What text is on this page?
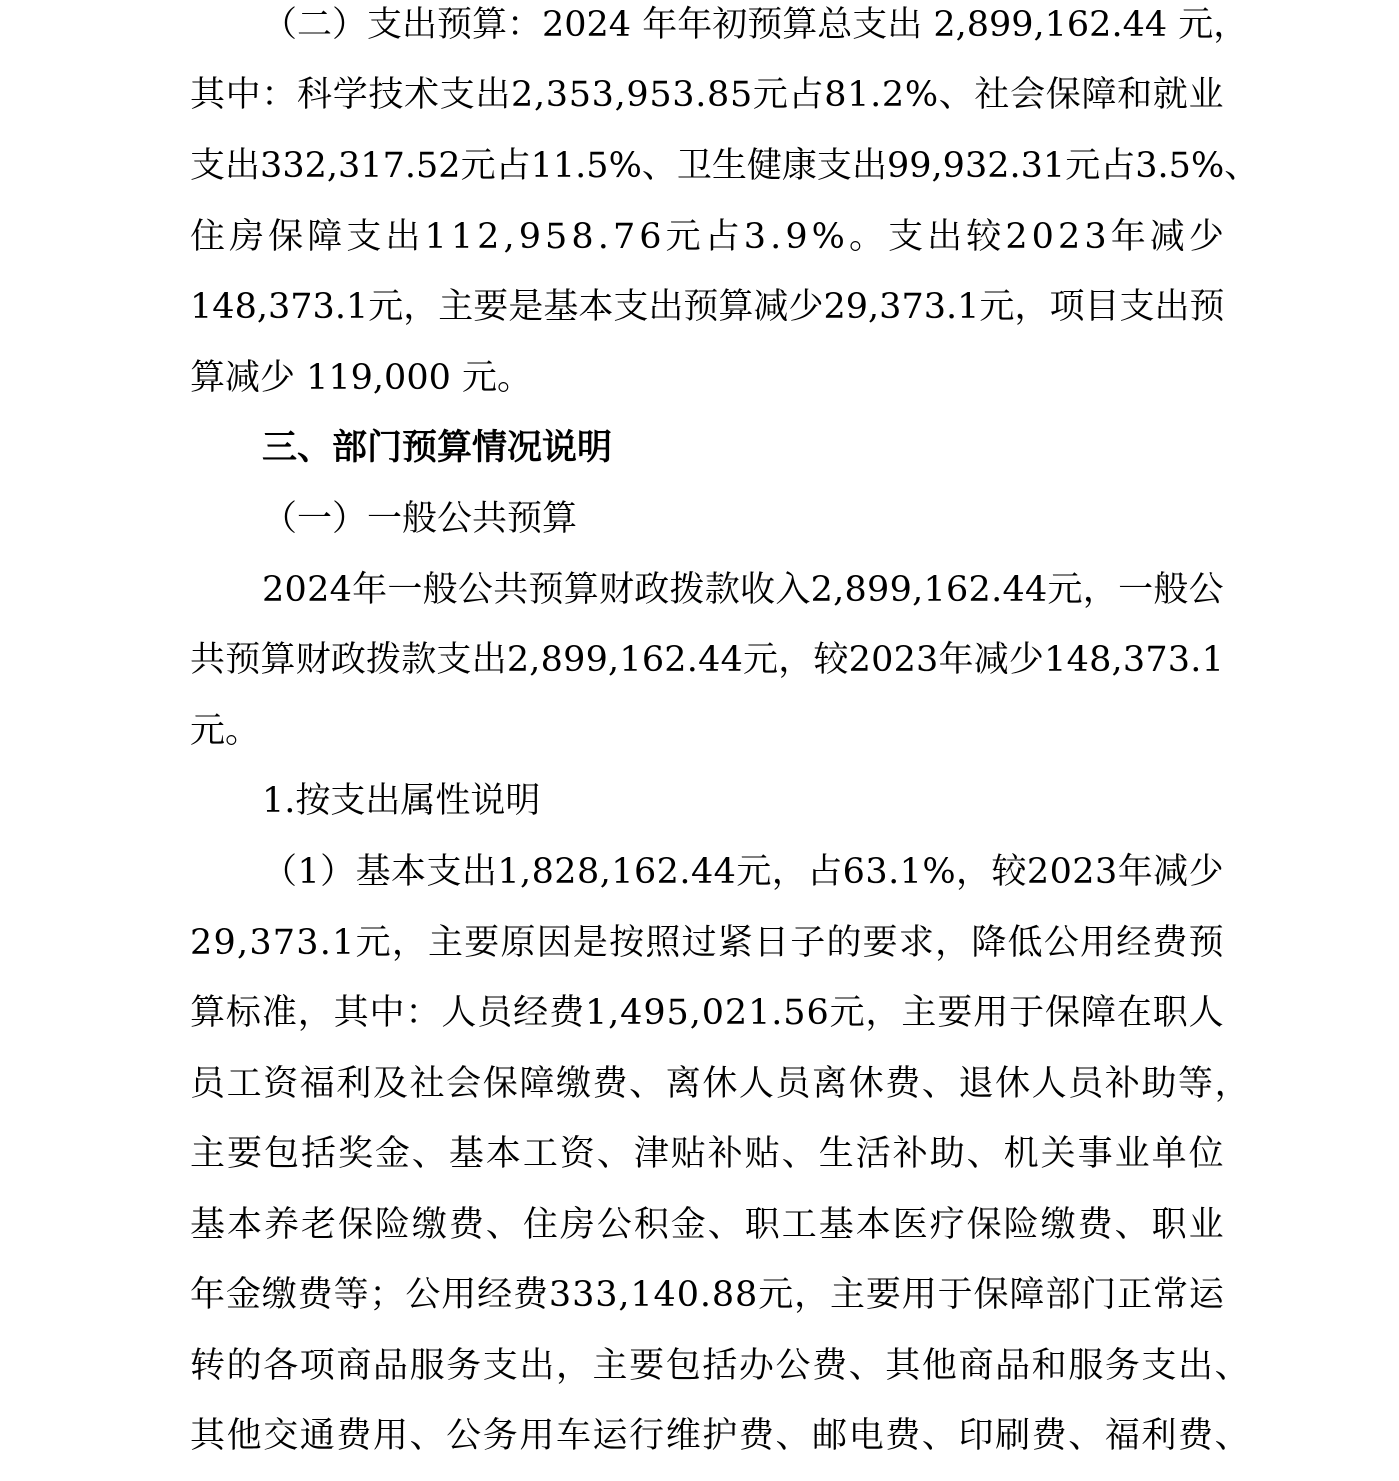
（二）支出预算：2024 年年初预算总支出 2,899,162.44 元，
其 中 ： 科 学 技 术 支 出 2 , 3 5 3 , 9 5 3 . 8 5 元 占 8 1 . 2 % 、 社 会 保 障 和 就 业
支 出 3 3 2 , 3 1 7 . 5 2 元 占 1 1 . 5 % 、 卫 生 健 康 支 出 9 9 , 9 3 2 . 3 1 元 占 3 . 5 % 、
住 房 保 障 支 出 1 1 2 , 9 5 8 . 7 6 元 占 3 . 9 % 。 支 出 较 2 0 2 3 年 减 少
1 4 8 , 3 7 3 . 1 元 ， 主 要 是 基 本 支 出 预 算 减 少 2 9 , 3 7 3 . 1 元 ， 项 目 支 出 预
算减少 119,000 元。
三、部门预算情况说明
（一）一般公共预算
2 0 2 4 年 一 般 公 共 预 算 财 政 拨 款 收 入 2 , 8 9 9 , 1 6 2 . 4 4 元 ， 一 般 公
共 预 算 财 政 拨 款 支 出 2 , 8 9 9 , 1 6 2 . 4 4 元 ， 较 2 0 2 3 年 减 少 1 4 8 , 3 7 3 . 1
元。
1.按支出属性说明
（ 1 ） 基 本 支 出 1 , 8 2 8 , 1 6 2 . 4 4 元 ， 占 6 3 . 1 % ， 较 2 0 2 3 年 减 少
2 9 , 3 7 3 . 1 元 ， 主 要 原 因 是 按 照 过 紧 日 子 的 要 求 ， 降 低 公 用 经 费 预
算 标 准 ， 其 中 ： 人 员 经 费 1 , 4 9 5 , 0 2 1 . 5 6 元 ， 主 要 用 于 保 障 在 职 人
员 工 资 福 利 及 社 会 保 障 缴 费 、 离 休 人 员 离 休 费 、 退 休 人 员 补 助 等 ，
主 要 包 括 奖 金 、 基 本 工 资 、 津 贴 补 贴 、 生 活 补 助 、 机 关 事 业 单 位
基 本 养 老 保 险 缴 费 、 住 房 公 积 金 、 职 工 基 本 医 疗 保 险 缴 费 、 职 业
年 金 缴 费 等 ； 公 用 经 费 3 3 3 , 1 4 0 . 8 8 元 ， 主 要 用 于 保 障 部 门 正 常 运
转 的 各 项 商 品 服 务 支 出 ， 主 要 包 括 办 公 费 、 其 他 商 品 和 服 务 支 出 、
其 他 交 通 费 用 、 公 务 用 车 运 行 维 护 费 、 邮 电 费 、 印 刷 费 、 福 利 费 、
